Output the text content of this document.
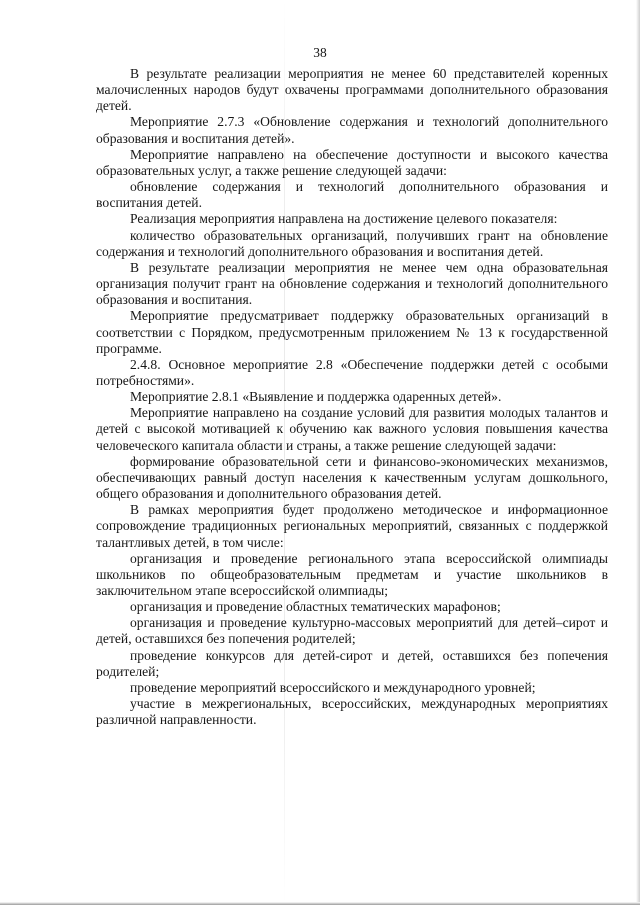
38

В результате реализации мероприятия не менее 60 представителей коренных малочисленных народов будут охвачены программами дополнительного образования детей.

Мероприятие 2.7.3 «Обновление содержания и технологий дополнительного образования и воспитания детей».

Мероприятие направлено на обеспечение доступности и высокого качества образовательных услуг, а также решение следующей задачи:

обновление содержания и технологий дополнительного образования и воспитания детей.

Реализация мероприятия направлена на достижение целевого показателя:

количество образовательных организаций, получивших грант на обновление содержания и технологий дополнительного образования и воспитания детей.

В результате реализации мероприятия не менее чем одна образовательная организация получит грант на обновление содержания и технологий дополнительного образования и воспитания.

Мероприятие предусматривает поддержку образовательных организаций в соответствии с Порядком, предусмотренным приложением № 13 к государственной программе.

2.4.8. Основное мероприятие 2.8 «Обеспечение поддержки детей с особыми потребностями».

Мероприятие 2.8.1 «Выявление и поддержка одаренных детей».

Мероприятие направлено на создание условий для развития молодых талантов и детей с высокой мотивацией к обучению как важного условия повышения качества человеческого капитала области и страны, а также решение следующей задачи:

формирование образовательной сети и финансово-экономических механизмов, обеспечивающих равный доступ населения к качественным услугам дошкольного, общего образования и дополнительного образования детей.

В рамках мероприятия будет продолжено методическое и информационное сопровождение традиционных региональных мероприятий, связанных с поддержкой талантливых детей, в том числе:

организация и проведение регионального этапа всероссийской олимпиады школьников по общеобразовательным предметам и участие школьников в заключительном этапе всероссийской олимпиады;

организация и проведение областных тематических марафонов;

организация и проведение культурно-массовых мероприятий для детей–сирот и детей, оставшихся без попечения родителей;

проведение конкурсов для детей-сирот и детей, оставшихся без попечения родителей;

проведение мероприятий всероссийского и международного уровней;

участие в межрегиональных, всероссийских, международных мероприятиях различной направленности.
